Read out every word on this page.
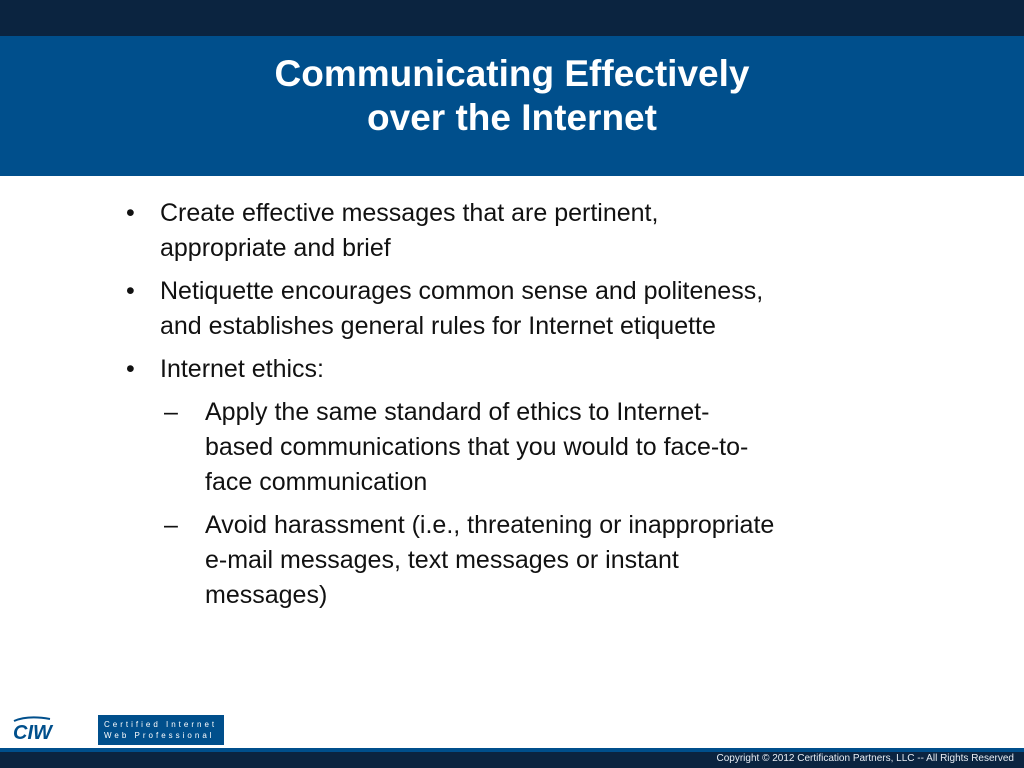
Communicating Effectively
over the Internet
• Create effective messages that are pertinent,
appropriate and brief
• Netiquette encourages common sense and politeness,
and establishes general rules for Internet etiquette
• Internet ethics:
– Apply the same standard of ethics to Internet-
based communications that you would to face-to-
face communication
– Avoid harassment (i.e., threatening or inappropriate
e-mail messages, text messages or instant
messages)
CIW	Certified Internet
Web Professional
Copyright © 2012 Certification Partners, LLC -- All Rights Reserved
